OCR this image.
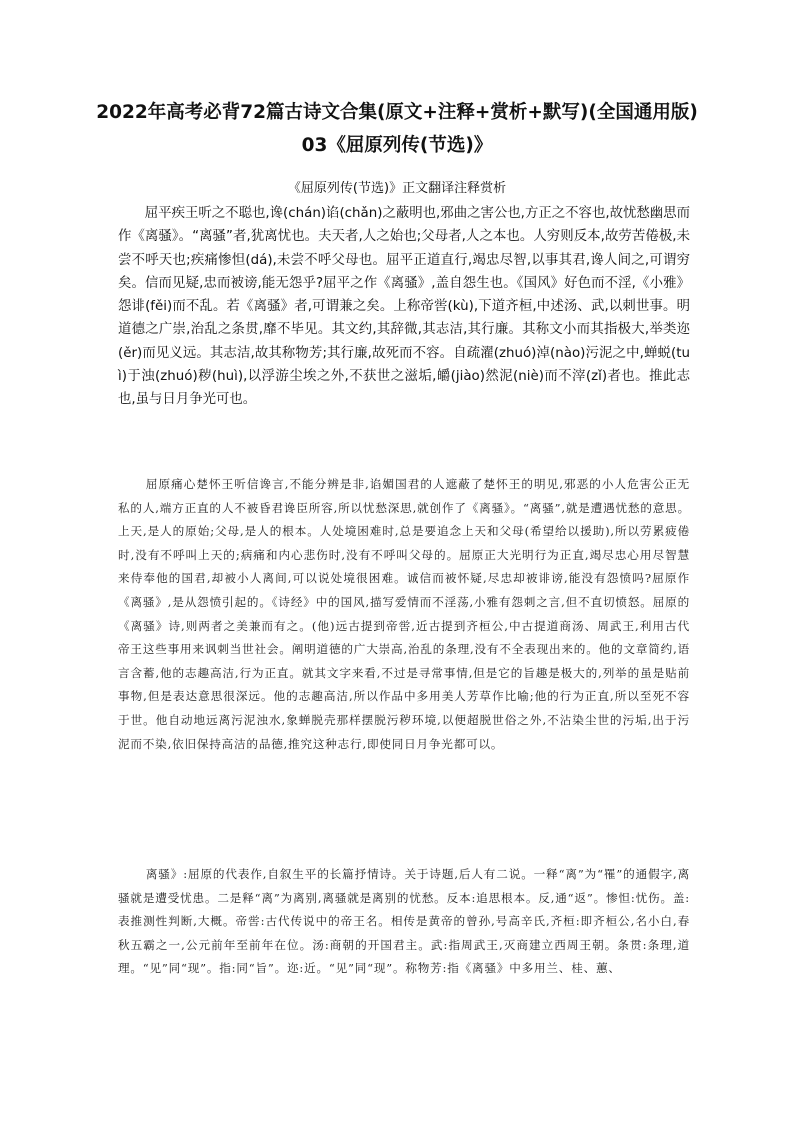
2022年高考必背72篇古诗文合集(原文+注释+赏析+默写)(全国通用版)
03《屈原列传(节选)》
《屈原列传(节选)》正文翻译注释赏析
屈平疾王听之不聪也,谗(chán)谄(chǎn)之蔽明也,邪曲之害公也,方正之不容也,故忧愁幽思而作《离骚》。“离骚”者,犹离忧也。夫天者,人之始也;父母者,人之本也。人穷则反本,故劳苦倦极,未尝不呼天也;疾痛惨怛(dá),未尝不呼父母也。屈平正道直行,竭忠尽智,以事其君,谗人间之,可谓穷矣。信而见疑,忠而被谤,能无怨乎?屈平之作《离骚》,盖自怨生也。《国风》好色而不淫,《小雅》怨诽(fěi)而不乱。若《离骚》者,可谓兼之矣。上称帝喾(kù),下道齐桓,中述汤、武,以刺世事。明道德之广崇,治乱之条贯,靡不毕见。其文约,其辞微,其志洁,其行廉。其称文小而其指极大,举类迩(ěr)而见义远。其志洁,故其称物芳;其行廉,故死而不容。自疏濯(zhuó)淖(nào)污泥之中,蝉蜕(tuì)于浊(zhuó)秽(huì),以浮游尘埃之外,不获世之滋垢,皭(jiào)然泥(niè)而不滓(zǐ)者也。推此志也,虽与日月争光可也。
屈原痛心楚怀王听信谗言,不能分辨是非,谄媚国君的人遮蔽了楚怀王的明见,邪恶的小人危害公正无私的人,端方正直的人不被昏君谗臣所容,所以忧愁深思,就创作了《离骚》。“离骚”,就是遭遇忧愁的意思。上天,是人的原始;父母,是人的根本。人处境困难时,总是要追念上天和父母(希望给以援助),所以劳累疲倦时,没有不呼叫上天的;病痛和内心悲伤时,没有不呼叫父母的。屈原正大光明行为正直,竭尽忠心用尽智慧来侍奉他的国君,却被小人离间,可以说处境很困难。诚信而被怀疑,尽忠却被诽谤,能没有怨愤吗?屈原作《离骚》,是从怨愤引起的。《诗经》中的国风,描写爱情而不淫荡,小雅有怨刺之言,但不直切愤怒。屈原的《离骚》诗,则两者之美兼而有之。(他)远古提到帝喾,近古提到齐桓公,中古提道商汤、周武王,利用古代帝王这些事用来讽刺当世社会。阐明道德的广大崇高,治乱的条理,没有不全表现出来的。他的文章简约,语言含蓄,他的志趣高洁,行为正直。就其文字来看,不过是寻常事情,但是它的旨趣是极大的,列举的虽是贴前事物,但是表达意思很深远。他的志趣高洁,所以作品中多用美人芳草作比喻;他的行为正直,所以至死不容于世。他自动地远离污泥浊水,象蝉脱壳那样摆脱污秽环境,以便超脱世俗之外,不沾染尘世的污垢,出于污泥而不染,依旧保持高洁的品德,推究这种志行,即使同日月争光都可以。
离骚》:屈原的代表作,自叙生平的长篇抒情诗。关于诗题,后人有二说。一释“离”为“罹”的通假字,离骚就是遭受忧患。二是释“离”为离别,离骚就是离别的忧愁。反本:追思根本。反,通“返”。惨怛:忧伤。盖:表推测性判断,大概。帝喾:古代传说中的帝王名。相传是黄帝的曾孙,号高辛氏,齐桓:即齐桓公,名小白,春秋五霸之一,公元前年至前年在位。汤:商朝的开国君主。武:指周武王,灭商建立西周王朝。条贯:条理,道理。“见”同“现”。指:同“旨”。迩:近。“见”同“现”。称物芳:指《离骚》中多用兰、桂、蕙、
